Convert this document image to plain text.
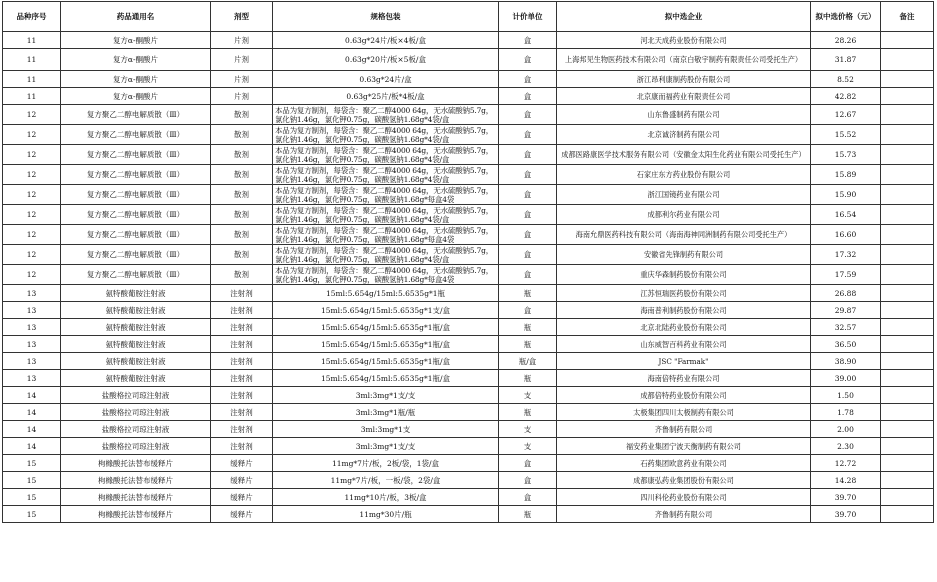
品种序号	药品通用名	剂型	规格包装	计价单位	拟中选企业	拟中选价格（元）	备注
11	复方α-酮酸片	片剂	0.63g*24片/板×4板/盒	盒	河北天成药业股份有限公司	28.26	
11	复方α-酮酸片	片剂	0.63g*20片/板×5板/盒	盒	上海邦见生物医药技术有限公司（南京白敬宇制药有限责任公司受托生产）	31.87	
11	复方α-酮酸片	片剂	0.63g*24片/盒	盒	浙江昂利康制药股份有限公司	8.52	
11	复方α-酮酸片	片剂	0.63g*25片/板*4板/盒	盒	北京康而福药业有限责任公司	42.82	
12	复方聚乙二醇电解质散（Ⅲ）	散剂	本品为复方制剂，每袋含：聚乙二醇4000 64g，无水硫酸钠5.7g，氯化钠1.46g，氯化钾0.75g，碳酸氢钠1.68g*4袋/盒	盒	山东鲁盛制药有限公司	12.67	
12	复方聚乙二醇电解质散（Ⅲ）	散剂	本品为复方制剂，每袋含：聚乙二醇4000 64g，无水硫酸钠5.7g，氯化钠1.46g，氯化钾0.75g，碳酸氢钠1.68g*4袋/盒	盒	北京诚济制药有限公司	15.52	
12	复方聚乙二醇电解质散（Ⅲ）	散剂	本品为复方制剂，每袋含：聚乙二醇4000 64g，无水硫酸钠5.7g，氯化钠1.46g，氯化钾0.75g，碳酸氢钠1.68g*4袋/盒	盒	成都医路康医学技术服务有限公司（安徽金太阳生化药业有限公司受托生产）	15.73	
12	复方聚乙二醇电解质散（Ⅲ）	散剂	本品为复方制剂，每袋含：聚乙二醇4000 64g，无水硫酸钠5.7g，氯化钠1.46g，氯化钾0.75g，碳酸氢钠1.68g*4袋/盒	盒	石家庄东方药业股份有限公司	15.89	
12	复方聚乙二醇电解质散（Ⅲ）	散剂	本品为复方制剂，每袋含：聚乙二醇4000 64g，无水硫酸钠5.7g，氯化钠1.46g，氯化钾0.75g，碳酸氢钠1.68g*每盒4袋	盒	浙江国镜药业有限公司	15.90	
12	复方聚乙二醇电解质散（Ⅲ）	散剂	本品为复方制剂，每袋含：聚乙二醇4000 64g，无水硫酸钠5.7g，氯化钠1.46g，氯化钾0.75g，碳酸氢钠1.68g*4袋/盒	盒	成都利尔药业有限公司	16.54	
12	复方聚乙二醇电解质散（Ⅲ）	散剂	本品为复方制剂，每袋含：聚乙二醇4000 64g，无水硫酸钠5.7g，氯化钠1.46g，氯化钾0.75g，碳酸氢钠1.68g*每盒4袋	盒	海南允鼎医药科技有限公司（海南海神同洲制药有限公司受托生产）	16.60	
12	复方聚乙二醇电解质散（Ⅲ）	散剂	本品为复方制剂，每袋含：聚乙二醇4000 64g，无水硫酸钠5.7g，氯化钠1.46g，氯化钾0.75g，碳酸氢钠1.68g*4袋/盒	盒	安徽省先锋制药有限公司	17.32	
12	复方聚乙二醇电解质散（Ⅲ）	散剂	本品为复方制剂，每袋含：聚乙二醇4000 64g，无水硫酸钠5.7g，氯化钠1.46g，氯化钾0.75g，碳酸氢钠1.68g*每盒4袋	盒	重庆华森制药股份有限公司	17.59	
13	氨特酸葡胺注射液	注射剂	15ml:5.654g/15ml:5.6535g*1瓶	瓶	江苏恒瑞医药股份有限公司	26.88	
13	氨特酸葡胺注射液	注射剂	15ml:5.654g/15ml:5.6535g*1支/盒	盒	海南普利制药股份有限公司	29.87	
13	氨特酸葡胺注射液	注射剂	15ml:5.654g/15ml:5.6535g*1瓶/盒	瓶	北京北陆药业股份有限公司	32.57	
13	氨特酸葡胺注射液	注射剂	15ml:5.654g/15ml:5.6535g*1瓶/盒	瓶	山东威智百科药业有限公司	36.50	
13	氨特酸葡胺注射液	注射剂	15ml:5.654g/15ml:5.6535g*1瓶/盒	瓶/盒	JSC "Farmak"	38.90	
13	氨特酸葡胺注射液	注射剂	15ml:5.654g/15ml:5.6535g*1瓶/盒	瓶	海南倍特药业有限公司	39.00	
14	盐酸格拉司琼注射液	注射剂	3ml:3mg*1支/支	支	成都倍特药业股份有限公司	1.50	
14	盐酸格拉司琼注射液	注射剂	3ml:3mg*1瓶/瓶	瓶	太极集团四川太极制药有限公司	1.78	
14	盐酸格拉司琼注射液	注射剂	3ml:3mg*1支	支	齐鲁制药有限公司	2.00	
14	盐酸格拉司琼注射液	注射剂	3ml:3mg*1支/支	支	福安药业集团宁波天衡制药有限公司	2.30	
15	枸橼酸托法替布缓释片	缓释片	11mg*7片/板，2板/袋，1袋/盒	盒	石药集团欧意药业有限公司	12.72	
15	枸橼酸托法替布缓释片	缓释片	11mg*7片/板，一板/袋，2袋/盒	盒	成都康弘药业集团股份有限公司	14.28	
15	枸橼酸托法替布缓释片	缓释片	11mg*10片/板，3板/盒	盒	四川科伦药业股份有限公司	39.70	
15	枸橼酸托法替布缓释片	缓释片	11mg*30片/瓶	瓶	齐鲁制药有限公司	39.70	
